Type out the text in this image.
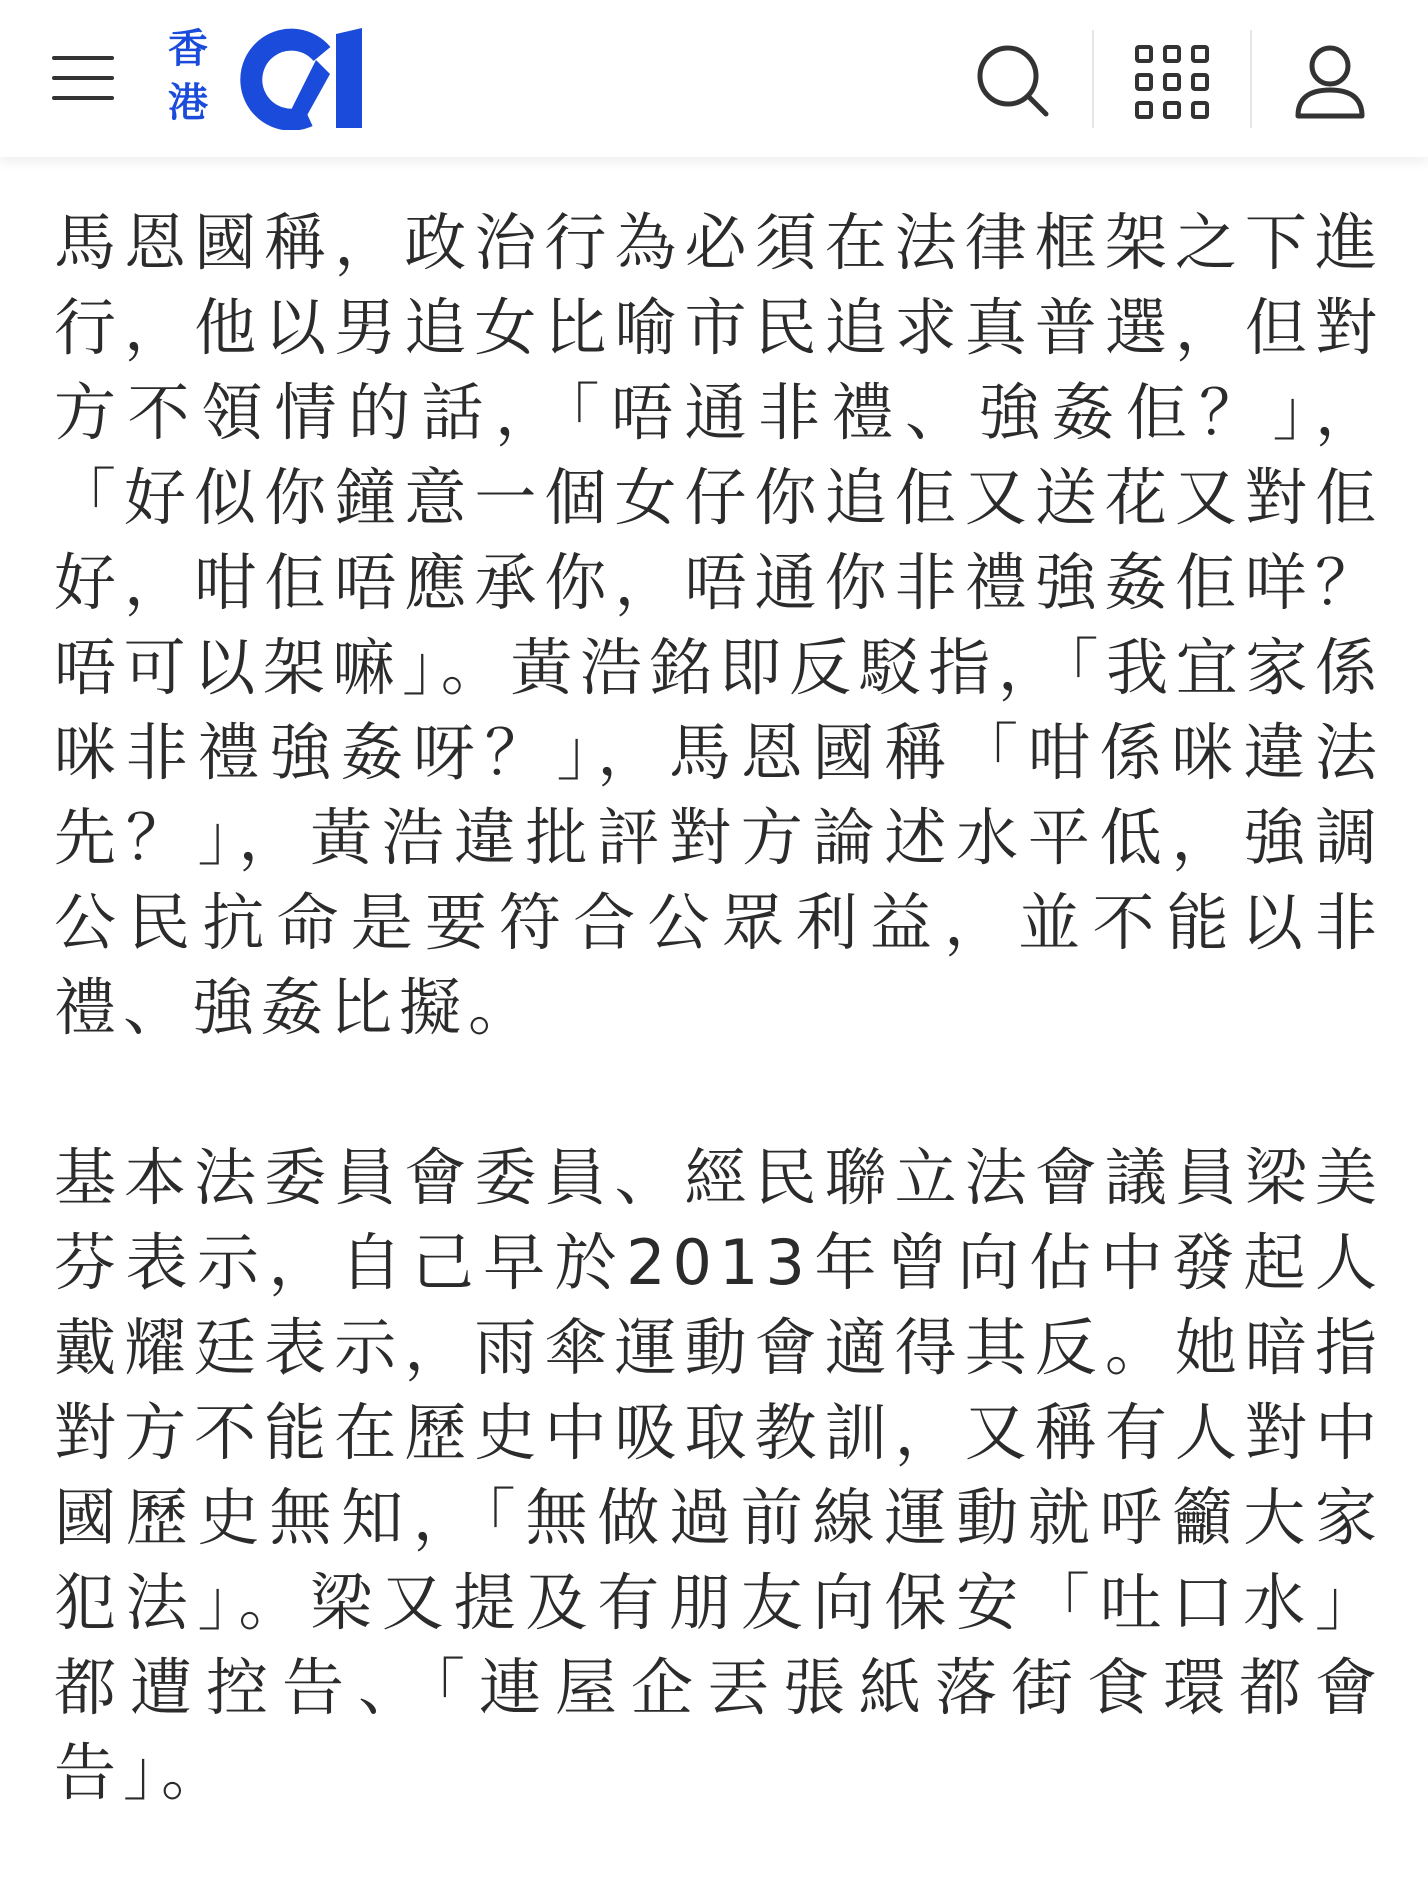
香
港

馬恩國稱，政治行為必須在法律框架之下進行，他以男追女比喻市民追求真普選，但對方不領情的話，「唔通非禮、強姦佢？」，「好似你鐘意一個女仔你追佢又送花又對佢好，咁佢唔應承你，唔通你非禮強姦佢咩？唔可以架嘛」。黃浩銘即反駁指，「我宜家係咪非禮強姦呀？」，馬恩國稱「咁係咪違法先？」，黃浩違批評對方論述水平低，強調公民抗命是要符合公眾利益，並不能以非禮、強姦比擬。

基本法委員會委員、經民聯立法會議員梁美芬表示，自己早於2013年曾向佔中發起人戴耀廷表示，雨傘運動會適得其反。她暗指對方不能在歷史中吸取教訓，又稱有人對中國歷史無知，「無做過前線運動就呼籲大家犯法」。梁又提及有朋友向保安「吐口水」都遭控告、「連屋企丟張紙落街食環都會告」。
